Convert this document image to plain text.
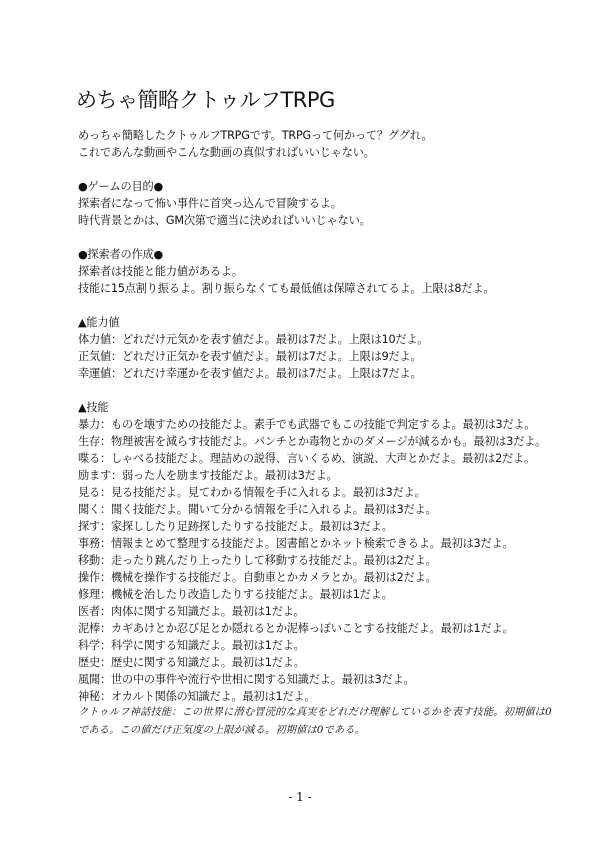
めちゃ簡略クトゥルフTRPG
めっちゃ簡略したクトゥルフTRPGです。TRPGって何かって？ググれ。
これであんな動画やこんな動画の真似すればいいじゃない。
●ゲームの目的●
探索者になって怖い事件に首突っ込んで冒険するよ。
時代背景とかは、GM次第で適当に決めればいいじゃない。
●探索者の作成●
探索者は技能と能力値があるよ。
技能に15点割り振るよ。割り振らなくても最低値は保障されてるよ。上限は8だよ。
▲能力値
体力値：どれだけ元気かを表す値だよ。最初は7だよ。上限は10だよ。
正気値：どれだけ正気かを表す値だよ。最初は7だよ。上限は9だよ。
幸運値：どれだけ幸運かを表す値だよ。最初は7だよ。上限は7だよ。
▲技能
暴力：ものを壊すための技能だよ。素手でも武器でもこの技能で判定するよ。最初は3だよ。
生存：物理被害を減らす技能だよ。パンチとか毒物とかのダメージが減るかも。最初は3だよ。
喋る：しゃべる技能だよ。理詰めの説得、言いくるめ、演説、大声とかだよ。最初は2だよ。
励ます：弱った人を励ます技能だよ。最初は3だよ。
見る：見る技能だよ。見てわかる情報を手に入れるよ。最初は3だよ。
聞く：聞く技能だよ。聞いて分かる情報を手に入れるよ。最初は3だよ。
探す：家探ししたり足跡探したりする技能だよ。最初は3だよ。
事務：情報まとめて整理する技能だよ。図書館とかネット検索できるよ。最初は3だよ。
移動：走ったり跳んだり上ったりして移動する技能だよ。最初は2だよ。
操作：機械を操作する技能だよ。自動車とかカメラとか。最初は2だよ。
修理：機械を治したり改造したりする技能だよ。最初は1だよ。
医者：肉体に関する知識だよ。最初は1だよ。
泥棒：カギあけとか忍び足とか隠れるとか泥棒っぽいことする技能だよ。最初は1だよ。
科学：科学に関する知識だよ。最初は1だよ。
歴史：歴史に関する知識だよ。最初は1だよ。
風聞：世の中の事件や流行や世相に関する知識だよ。最初は3だよ。
神秘：オカルト関係の知識だよ。最初は1だよ。
クトゥルフ神話技能：この世界に潜む冒涜的な真実をどれだけ理解しているかを表す技能。初期値は0
である。この値だけ正気度の上限が減る。初期値は0である。
- 1 -
